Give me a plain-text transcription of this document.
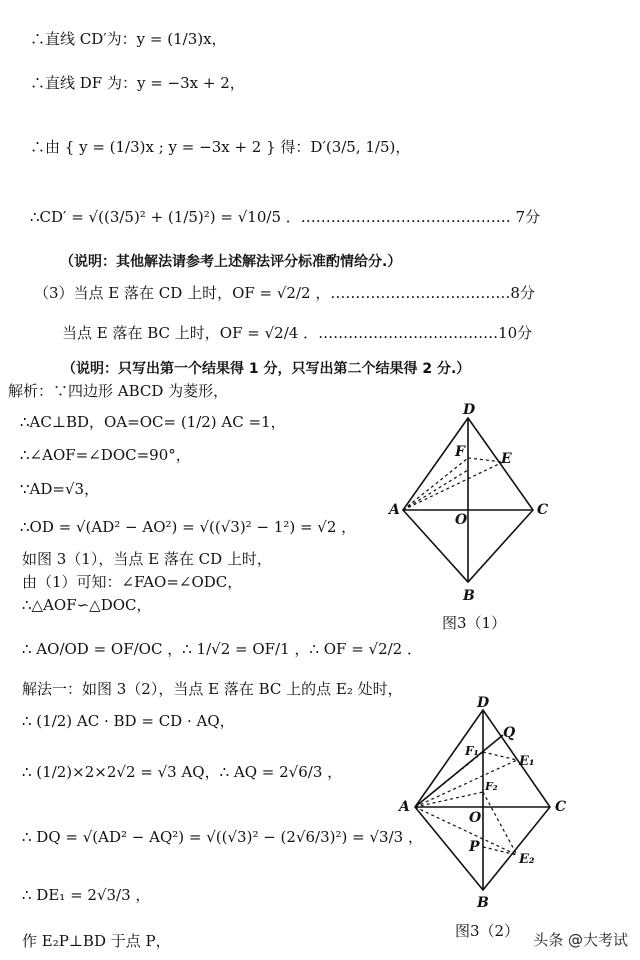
∴直线 CD′为：y = (1/3)x，
∴直线 DF 为：y = −3x + 2，
∴由 { y = (1/3)x ; y = −3x + 2 } 得：D′(3/5, 1/5)，
∴CD′ = √((3/5)² + (1/5)²) = √10/5 ．…………………………………… 7分
（说明：其他解法请参考上述解法评分标准酌情给分.）
（3）当点 E 落在 CD 上时，OF = √2/2 ，………………………………8分
当点 E 落在 BC 上时，OF = √2/4 ．………………………………10分
（说明：只写出第一个结果得 1 分，只写出第二个结果得 2 分.）
解析：∵四边形 ABCD 为菱形，
∴AC⊥BD，OA=OC= (1/2) AC =1，
∴∠AOF=∠DOC=90°，
∵AD=√3，
∴OD = √(AD² − AO²) = √((√3)² − 1²) = √2 ，
如图 3（1），当点 E 落在 CD 上时，
由（1）可知：∠FAO=∠ODC，
∴△AOF∽△DOC，
∴ AO/OD = OF/OC ，∴ 1/√2 = OF/1 ，∴ OF = √2/2 ．
解法一：如图 3（2），当点 E 落在 BC 上的点 E₂ 处时，
∴ (1/2) AC · BD = CD · AQ，
∴ (1/2)×2×2√2 = √3 AQ，∴ AQ = 2√6/3 ，
∴ DQ = √(AD² − AQ²) = √((√3)² − (2√6/3)²) = √3/3 ，
∴ DE₁ = 2√3/3 ，
作 E₂P⊥BD 于点 P，
D
F	E
A
O
C
B
图3（1）
D
Q
F₁
E₁
F₂
A
O
C
P
E₂
B
图3（2） 头条 @大考试
